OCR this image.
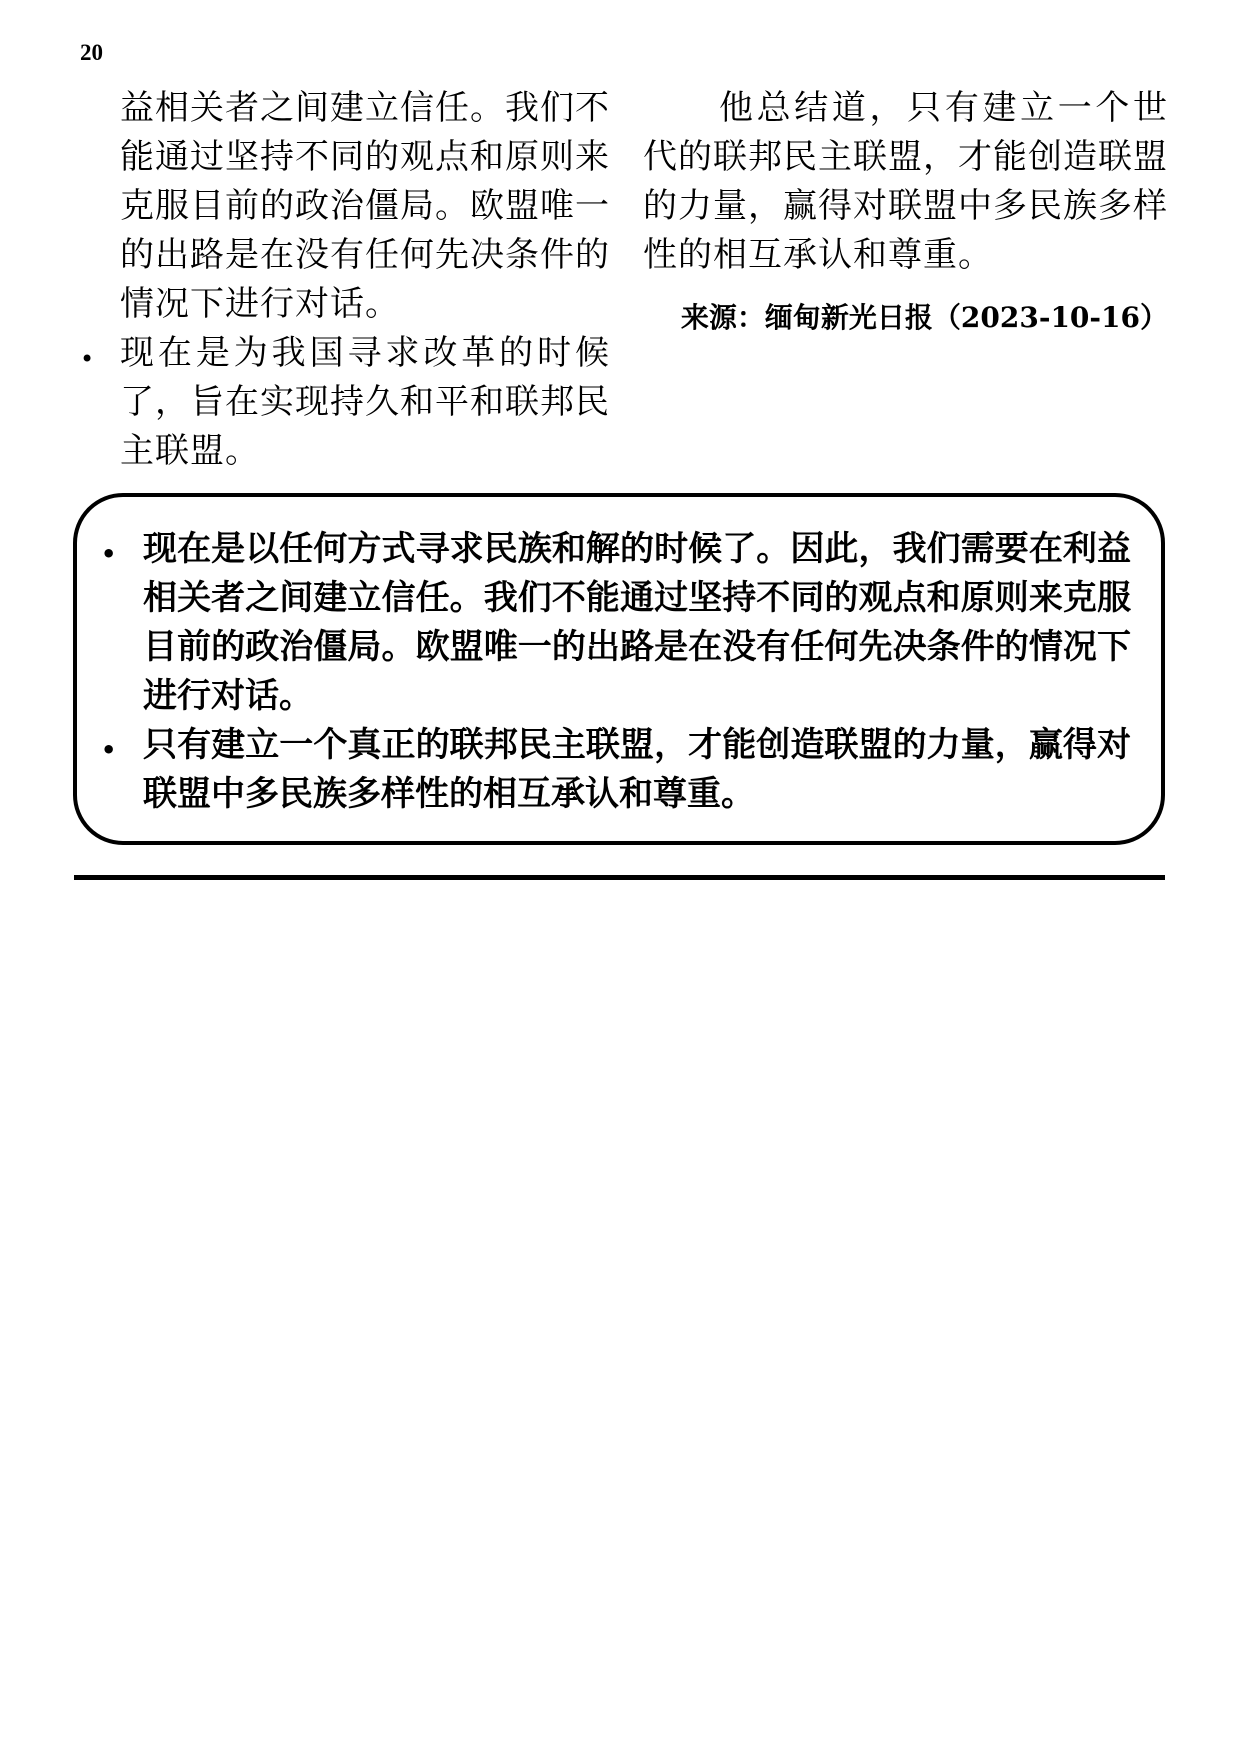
20

益相关者之间建立信任。我们不能通过坚持不同的观点和原则来克服目前的政治僵局。欧盟唯一的出路是在没有任何先决条件的情况下进行对话。

• 现在是为我国寻求改革的时候了，旨在实现持久和平和联邦民主联盟。

他总结道，只有建立一个世代的联邦民主联盟，才能创造联盟的力量，赢得对联盟中多民族多样性的相互承认和尊重。

来源：缅甸新光日报（2023-10-16）
• 现在是以任何方式寻求民族和解的时候了。因此，我们需要在利益相关者之间建立信任。我们不能通过坚持不同的观点和原则来克服目前的政治僵局。欧盟唯一的出路是在没有任何先决条件的情况下进行对话。
• 只有建立一个真正的联邦民主联盟，才能创造联盟的力量，赢得对联盟中多民族多样性的相互承认和尊重。
